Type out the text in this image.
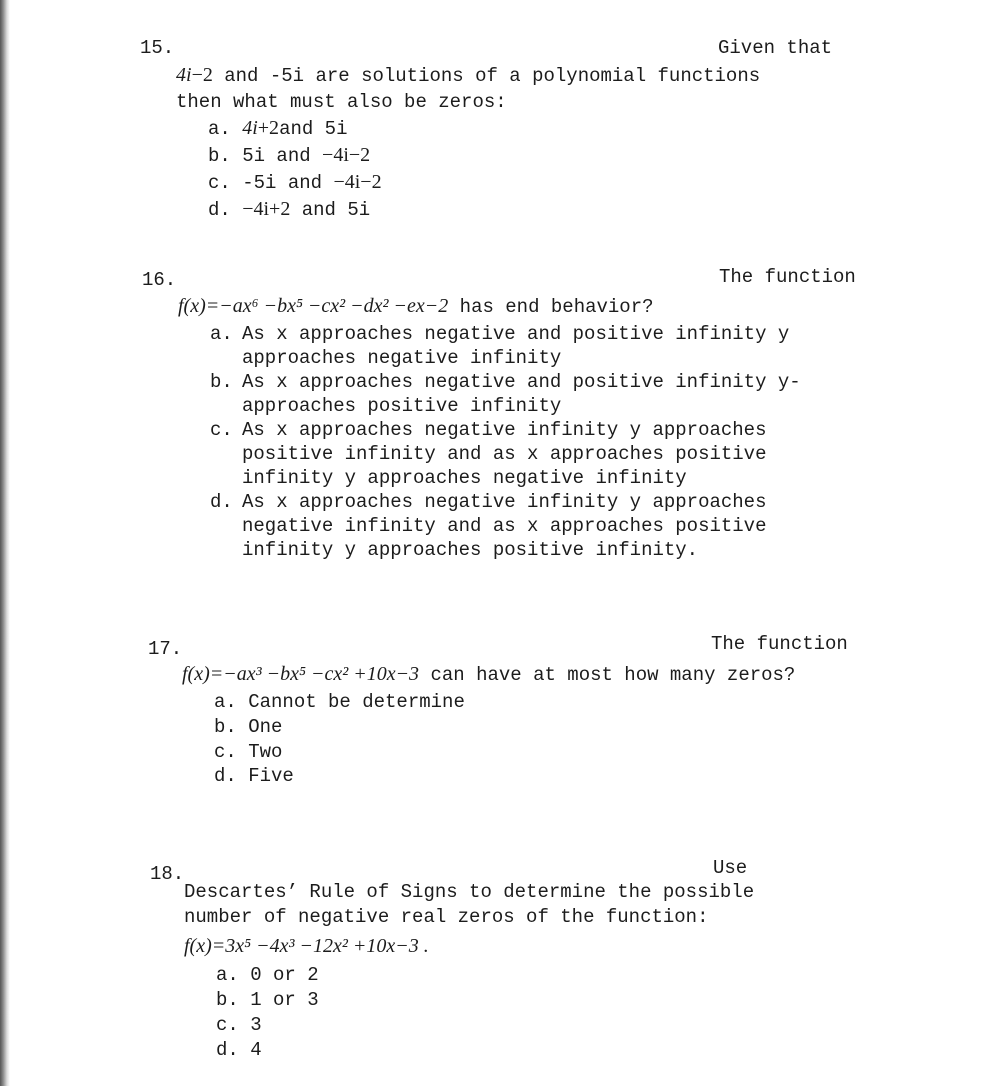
15.	Given that
4i−2 and -5i are solutions of a polynomial functions
then what must also be zeros:
a. 4i+2and 5i
b. 5i and −4i−2
c. -5i and −4i−2
d. −4i+2 and 5i
16.	The function
f(x)=−ax⁶ −bx⁵ −cx² −dx² −ex−2 has end behavior?
a. As x approaches negative and positive infinity y
approaches negative infinity
b. As x approaches negative and positive infinity y-
approaches positive infinity
c. As x approaches negative infinity y approaches
positive infinity and as x approaches positive
infinity y approaches negative infinity
d. As x approaches negative infinity y approaches
negative infinity and as x approaches positive
infinity y approaches positive infinity.
17.	The function
f(x)=−ax³ −bx⁵ −cx² +10x−3 can have at most how many zeros?
a. Cannot be determine
b. One
c. Two
d. Five
18.	Use
Descartes’ Rule of Signs to determine the possible
number of negative real zeros of the function:
f(x)=3x⁵ −4x³ −12x² +10x−3 .
a. 0 or 2
b. 1 or 3
c. 3
d. 4
